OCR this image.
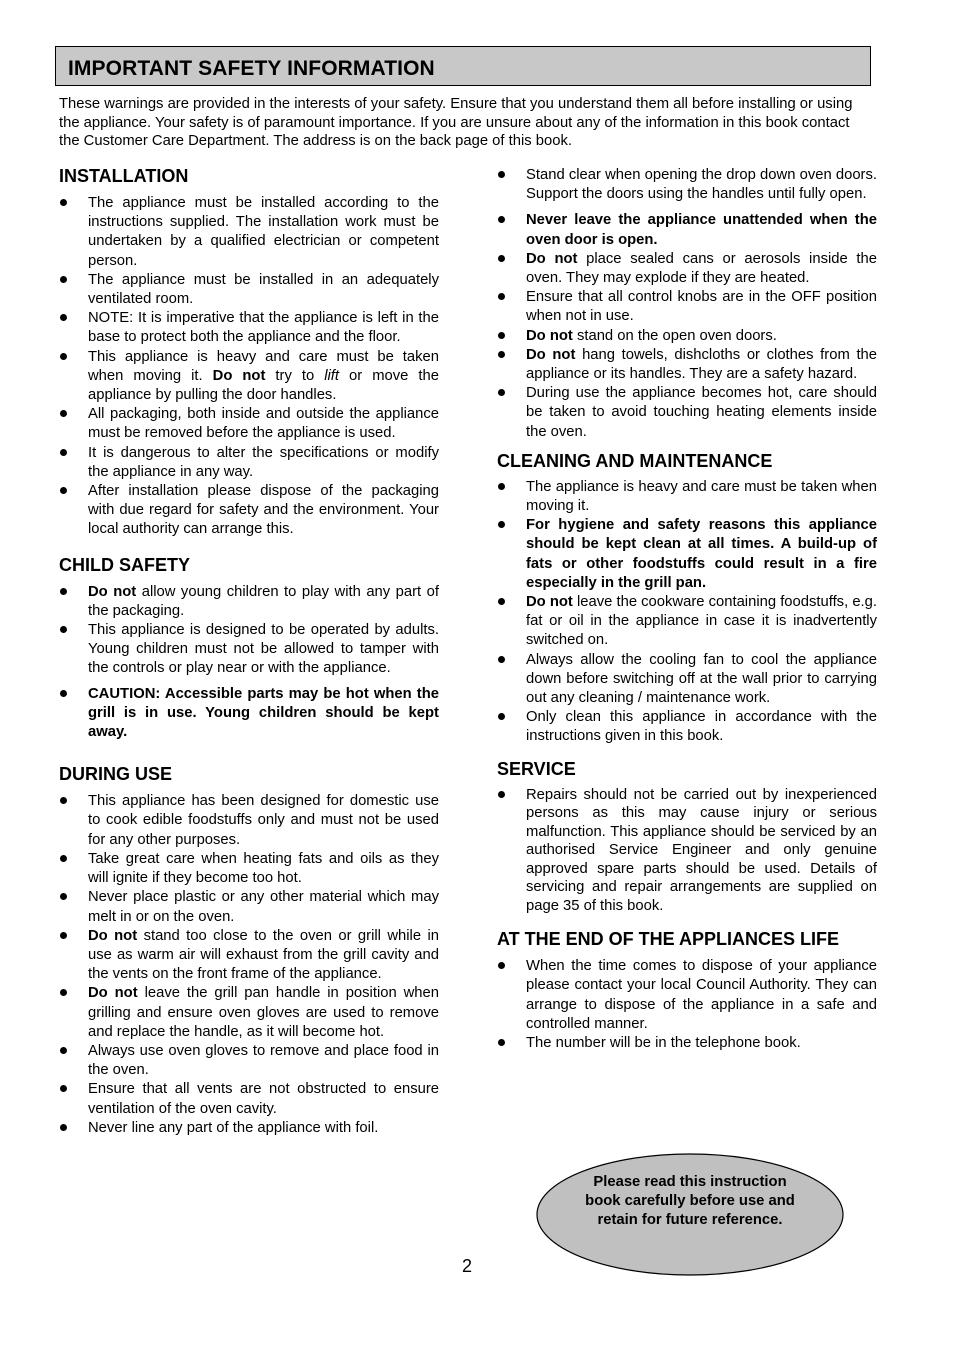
IMPORTANT SAFETY INFORMATION

These warnings are provided in the interests of your safety. Ensure that you understand them all before installing or using the appliance. Your safety is of paramount importance. If you are unsure about any of the information in this book contact the Customer Care Department. The address is on the back page of this book.

INSTALLATION
The appliance must be installed according to the instructions supplied. The installation work must be undertaken by a qualified electrician or competent person.
The appliance must be installed in an adequately ventilated room.
NOTE: It is imperative that the appliance is left in the base to protect both the appliance and the floor.
This appliance is heavy and care must be taken when moving it. Do not try to lift or move the appliance by pulling the door handles.
All packaging, both inside and outside the appliance must be removed before the appliance is used.
It is dangerous to alter the specifications or modify the appliance in any way.
After installation please dispose of the packaging with due regard for safety and the environment. Your local authority can arrange this.
CHILD SAFETY
Do not allow young children to play with any part of the packaging.
This appliance is designed to be operated by adults. Young children must not be allowed to tamper with the controls or play near or with the appliance.
CAUTION: Accessible parts may be hot when the grill is in use. Young children should be kept away.
DURING USE
This appliance has been designed for domestic use to cook edible foodstuffs only and must not be used for any other purposes.
Take great care when heating fats and oils as they will ignite if they become too hot.
Never place plastic or any other material which may melt in or on the oven.
Do not stand too close to the oven or grill while in use as warm air will exhaust from the grill cavity and the vents on the front frame of the appliance.
Do not leave the grill pan handle in position when grilling and ensure oven gloves are used to remove and replace the handle, as it will become hot.
Always use oven gloves to remove and place food in the oven.
Ensure that all vents are not obstructed to ensure ventilation of the oven cavity.
Never line any part of the appliance with foil.
Stand clear when opening the drop down oven doors. Support the doors using the handles until fully open.
Never leave the appliance unattended when the oven door is open.
Do not place sealed cans or aerosols inside the oven. They may explode if they are heated.
Ensure that all control knobs are in the OFF position when not in use.
Do not stand on the open oven doors.
Do not hang towels, dishcloths or clothes from the appliance or its handles. They are a safety hazard.
During use the appliance becomes hot, care should be taken to avoid touching heating elements inside the oven.
CLEANING AND MAINTENANCE
The appliance is heavy and care must be taken when moving it.
For hygiene and safety reasons this appliance should be kept clean at all times. A build-up of fats or other foodstuffs could result in a fire especially in the grill pan.
Do not leave the cookware containing foodstuffs, e.g. fat or oil in the appliance in case it is inadvertently switched on.
Always allow the cooling fan to cool the appliance down before switching off at the wall prior to carrying out any cleaning / maintenance work.
Only clean this appliance in accordance with the instructions given in this book.
SERVICE
Repairs should not be carried out by inexperienced persons as this may cause injury or serious malfunction. This appliance should be serviced by an authorised Service Engineer and only genuine approved spare parts should be used. Details of servicing and repair arrangements are supplied on page 35 of this book.
AT THE END OF THE APPLIANCES LIFE
When the time comes to dispose of your appliance please contact your local Council Authority. They can arrange to dispose of the appliance in a safe and controlled manner.
The number will be in the telephone book.
Please read this instruction book carefully before use and retain for future reference.
2
